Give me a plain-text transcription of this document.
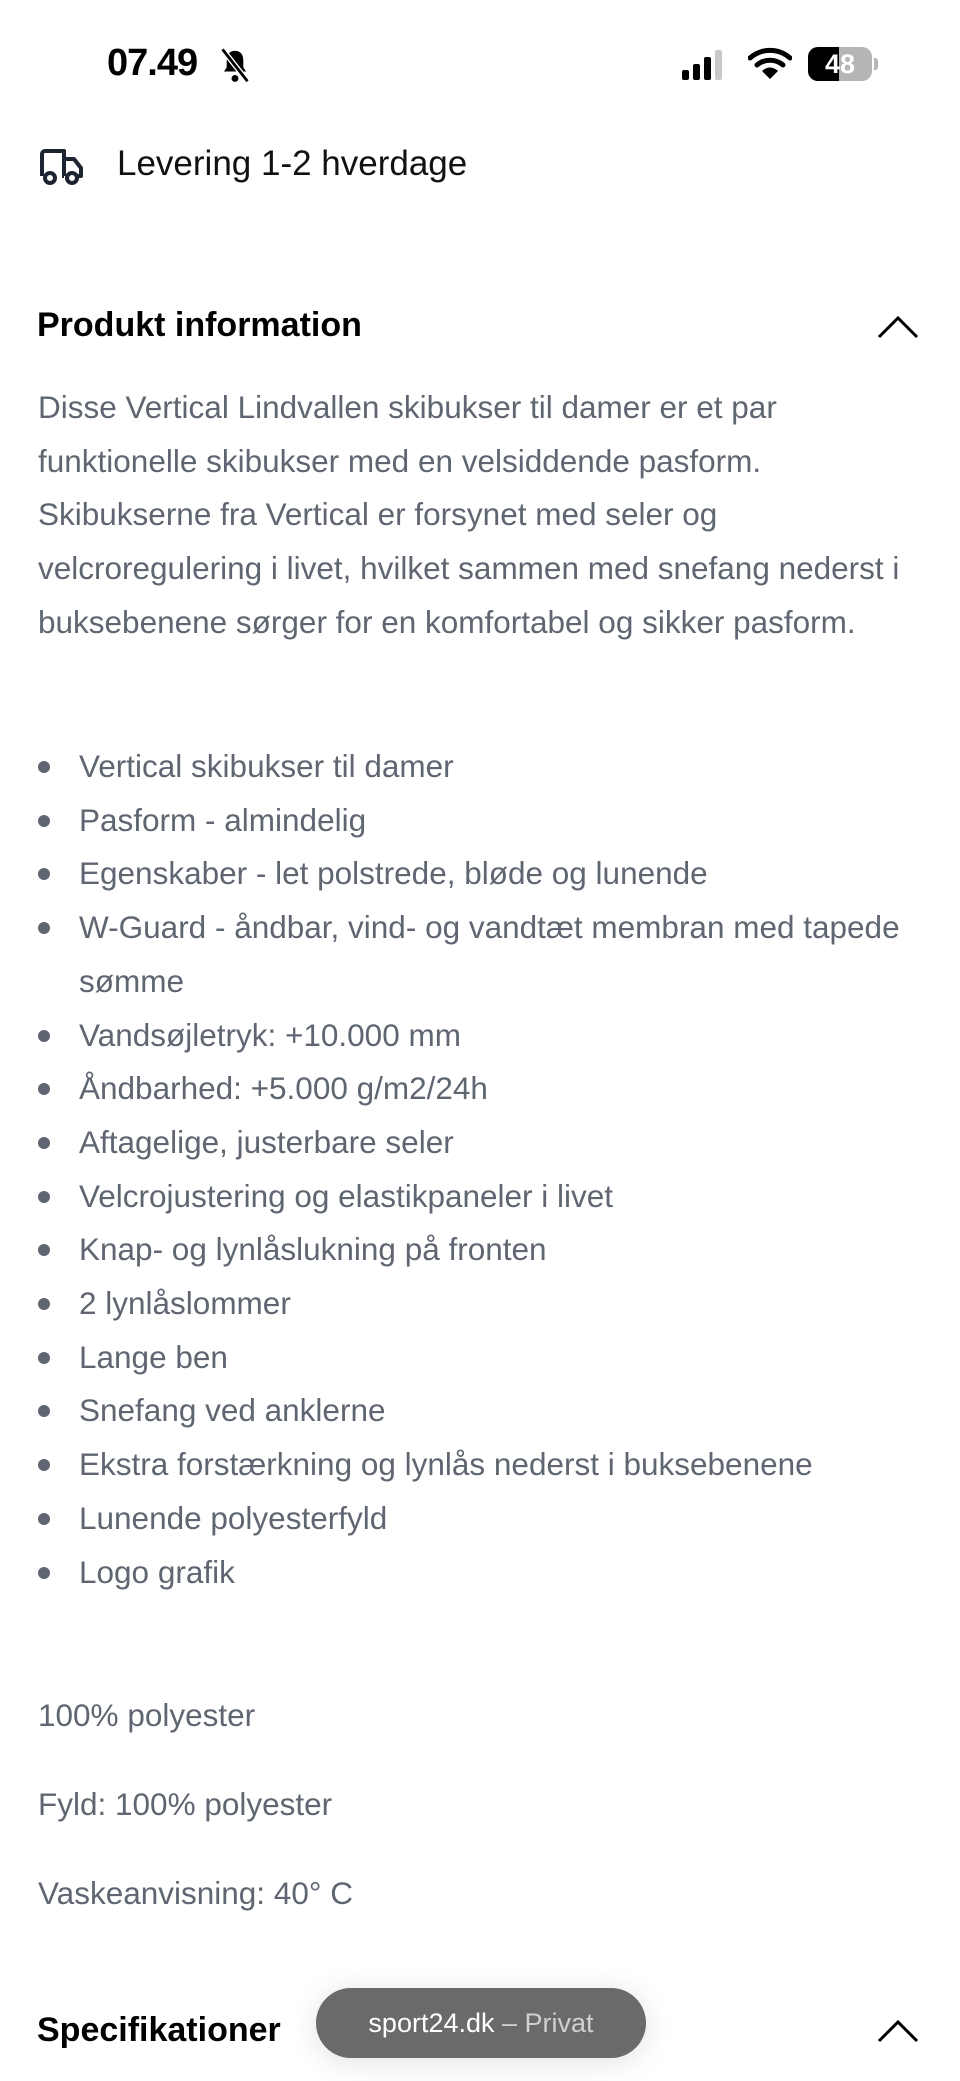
07.49	48
Levering 1-2 hverdage
Produkt information
Disse Vertical Lindvallen skibukser til damer er et par funktionelle skibukser med en velsiddende pasform. Skibukserne fra Vertical er forsynet med seler og velcroregulering i livet, hvilket sammen med snefang nederst i buksebenene sørger for en komfortabel og sikker pasform.
Vertical skibukser til damer
Pasform - almindelig
Egenskaber - let polstrede, bløde og lunende
W-Guard - åndbar, vind- og vandtæt membran med tapede sømme
Vandsøjletryk: +10.000 mm
Åndbarhed: +5.000 g/m2/24h
Aftagelige, justerbare seler
Velcrojustering og elastikpaneler i livet
Knap- og lynlåslukning på fronten
2 lynlåslommer
Lange ben
Snefang ved anklerne
Ekstra forstærkning og lynlås nederst i buksebenene
Lunende polyesterfyld
Logo grafik
100% polyester
Fyld: 100% polyester
Vaskeanvisning: 40° C
Specifikationer	sport24.dk – Privat
